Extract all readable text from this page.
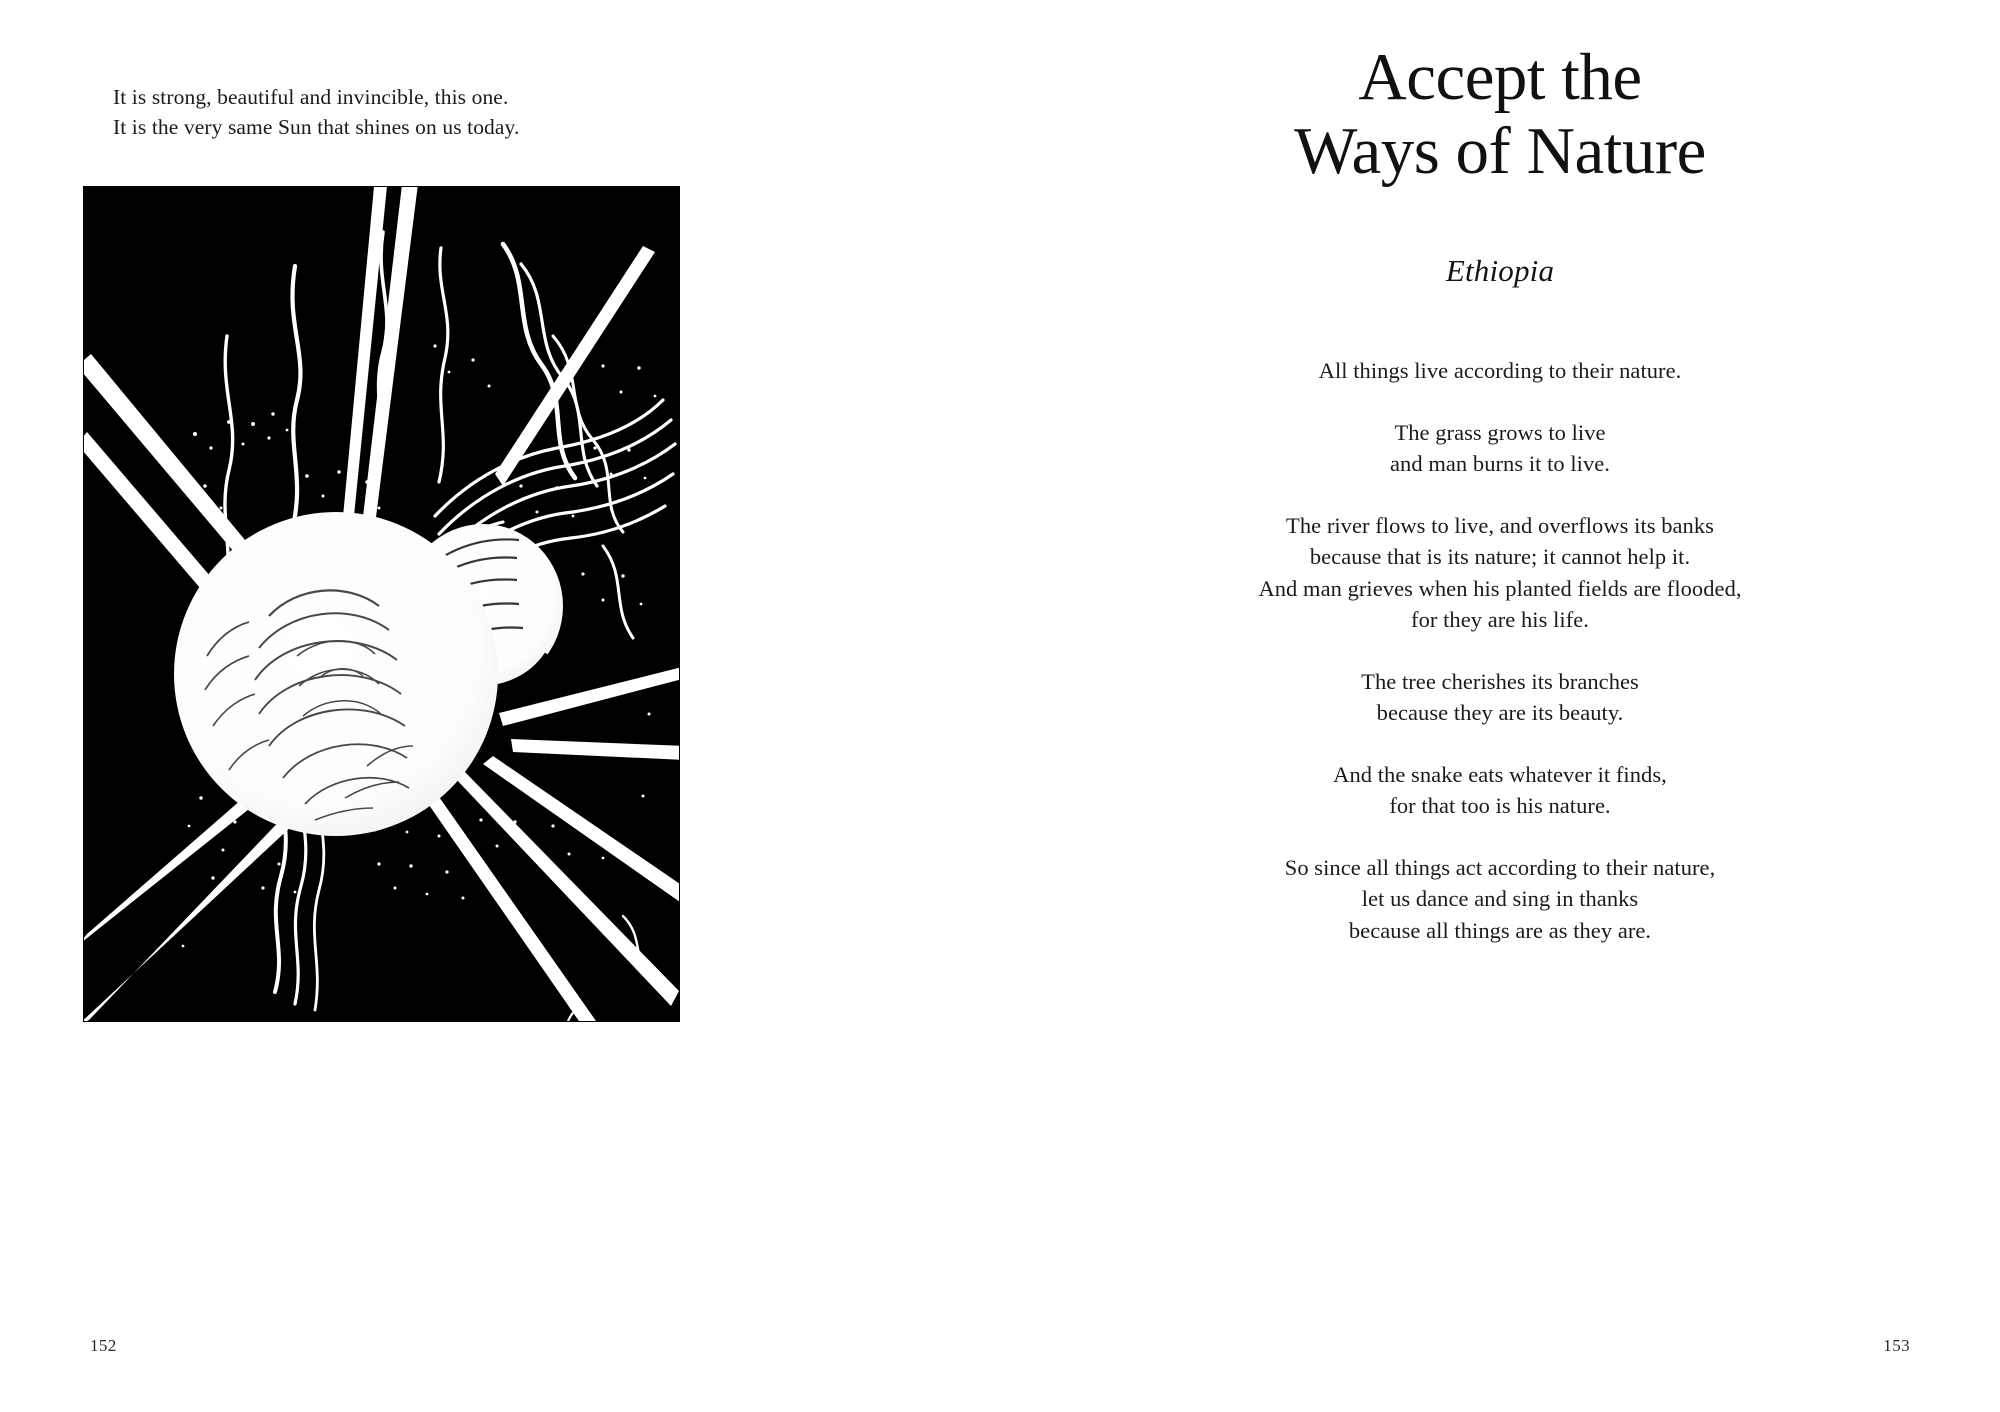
It is strong, beautiful and invincible, this one.
It is the very same Sun that shines on us today.
152
Accept the
Ways of Nature
Ethiopia

All things live according to their nature.

The grass grows to live
and man burns it to live.

The river flows to live, and overflows its banks
because that is its nature; it cannot help it.
And man grieves when his planted fields are flooded,
for they are his life.

The tree cherishes its branches
because they are its beauty.

And the snake eats whatever it finds,
for that too is his nature.

So since all things act according to their nature,
let us dance and sing in thanks
because all things are as they are.

153
